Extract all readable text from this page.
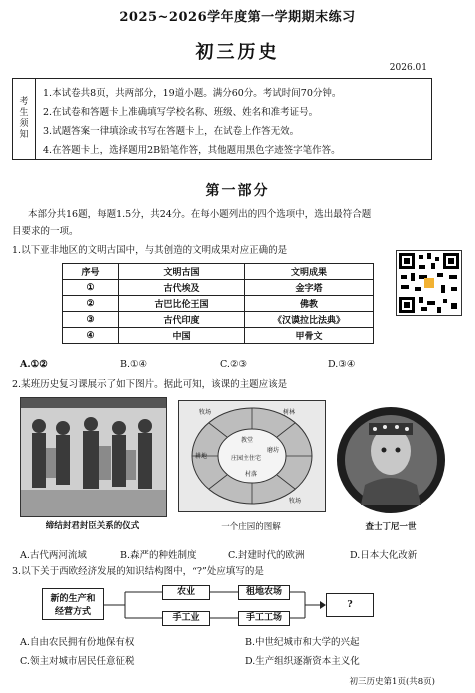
2025~2026学年度第一学期期末练习
初三历史
2026.01
考
生
须
知
1.本试卷共8页，共两部分，19道小题。满分60分。考试时间70分钟。
2.在试卷和答题卡上准确填写学校名称、班级、姓名和准考证号。
3.试题答案一律填涂或书写在答题卡上，在试卷上作答无效。
4.在答题卡上，选择题用2B铅笔作答，其他题用黑色字迹签字笔作答。
第一部分
本部分共16题，每题1.5分，共24分。在每小题列出的四个选项中，选出最符合题
目要求的一项。
1.以下亚非地区的文明古国中，与其创造的文明成果对应正确的是
序号	文明古国	文明成果
①	古代埃及	金字塔
②	古巴比伦王国	佛教
③	古代印度	《汉谟拉比法典》
④	中国	甲骨文
A.①②	B.①④	C.②③	D.③④
2.某班历史复习课展示了如下图片。据此可知，该课的主题应该是
缔结封君封臣关系的仪式
牧场	树林
教堂
磨坊
庄园主住宅
耕地
村落
牧场
一个庄园的图解	查士丁尼一世
A.古代两河流域	B.森严的种姓制度	C.封建时代的欧洲	D.日本大化改新
3.以下关于西欧经济发展的知识结构图中，“?”处应填写的是
新的生产和
经营方式
农业	租地农场
手工业	手工工场
?
A.自由农民拥有份地保有权	B.中世纪城市和大学的兴起
C.领主对城市居民任意征税	D.生产组织逐渐资本主义化
初三历史第1页(共8页)
